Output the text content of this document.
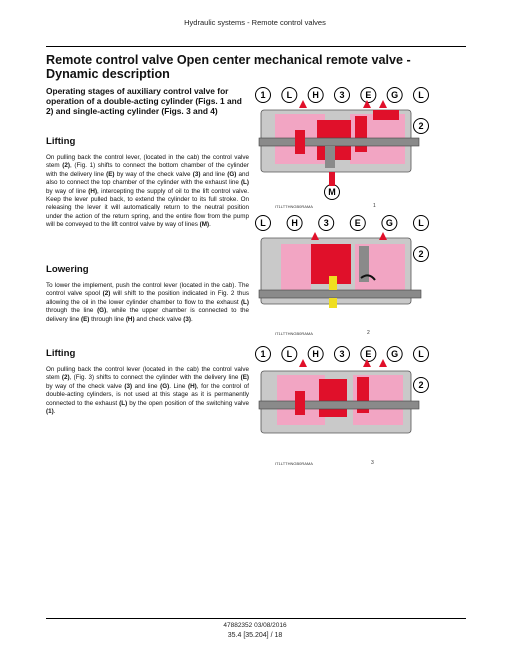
Hydraulic systems - Remote control valves
Remote control valve Open center mechanical remote valve - Dynamic description
Operating stages of auxiliary control valve for operation of a double-acting cylinder (Figs. 1 and 2) and single-acting cylinder (Figs. 3 and 4)
Lifting
On pulling back the control lever, (located in the cab) the control valve stem (2), (Fig. 1) shifts to connect the bottom chamber of the cylinder with the delivery line (E) by way of the check valve (3) and line (G) and also to connect the top chamber of the cylinder with the exhaust line (L) by way of line (H), intercepting the supply of oil to the lift control valve. Keep the lever pulled back, to extend the cylinder to its full stroke. On releasing the lever it will automatically return to the neutral position under the action of the return spring, and the entire flow from the pump will be conveyed to the lift control valve by way of lines (M).
Lowering
To lower the implement, push the control lever (located in the cab). The control valve spool (2) will shift to the position indicated in Fig. 2 thus allowing the oil in the lower cylinder chamber to flow to the exhaust (L) through the line (G), while the upper chamber is connected to the delivery line (E) through line (H) and check valve (3).
Lifting
On pulling back the control lever (located in the cab) the control valve stem (2), (Fig. 3) shifts to connect the cylinder with the delivery line (E) by way of the check valve (3) and line (G). Line (H), for the control of double-acting cylinders, is not used at this stage as it is permanently connected to the exhaust (L) by the open position of the switching valve (1).
1 L H 3 E G L
2
M
IT1LTTHNGB0RAMA	1
L	H	3	E	G	L
2
IT1LTTHNGB0RAMA	2
1 L H 3 E G L
2
IT1LTTHNGB0RAMA	3
47882352 03/08/2016
35.4 [35.204] / 18
